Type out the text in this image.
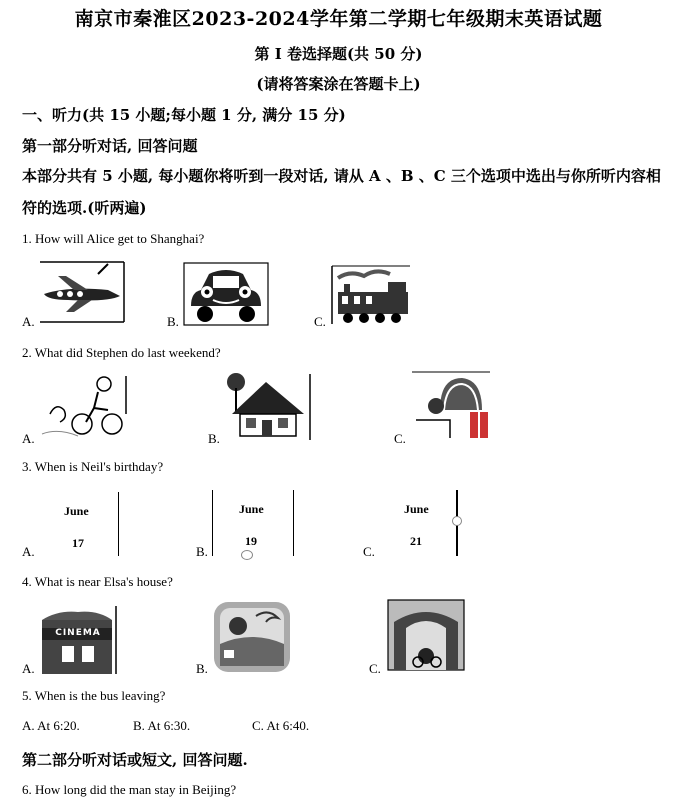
南京市秦淮区2023-2024学年第二学期七年级期末英语试题
第 I 卷选择题(共 50 分)
(请将答案涂在答题卡上)
一、听力(共 15 小题;每小题 1 分, 满分 15 分)
第一部分听对话, 回答问题
本部分共有 5 小题, 每小题你将听到一段对话, 请从 A 、B 、C 三个选项中选出与你所听内容相符的选项.(听两遍)
1. How will Alice get to Shanghai?
A.	B.	C.
2. What did Stephen do last weekend?
A.	B.	C.
3. When is Neil's birthday?
A.	B.	C.
June
17
June
19
June
21
4. What is near Elsa's house?
A.	B.	C.
CINEMA
5. When is the bus leaving?
A. At 6:20.	B. At 6:30.	C. At 6:40.
第二部分听对话或短文, 回答问题.
6. How long did the man stay in Beijing?
